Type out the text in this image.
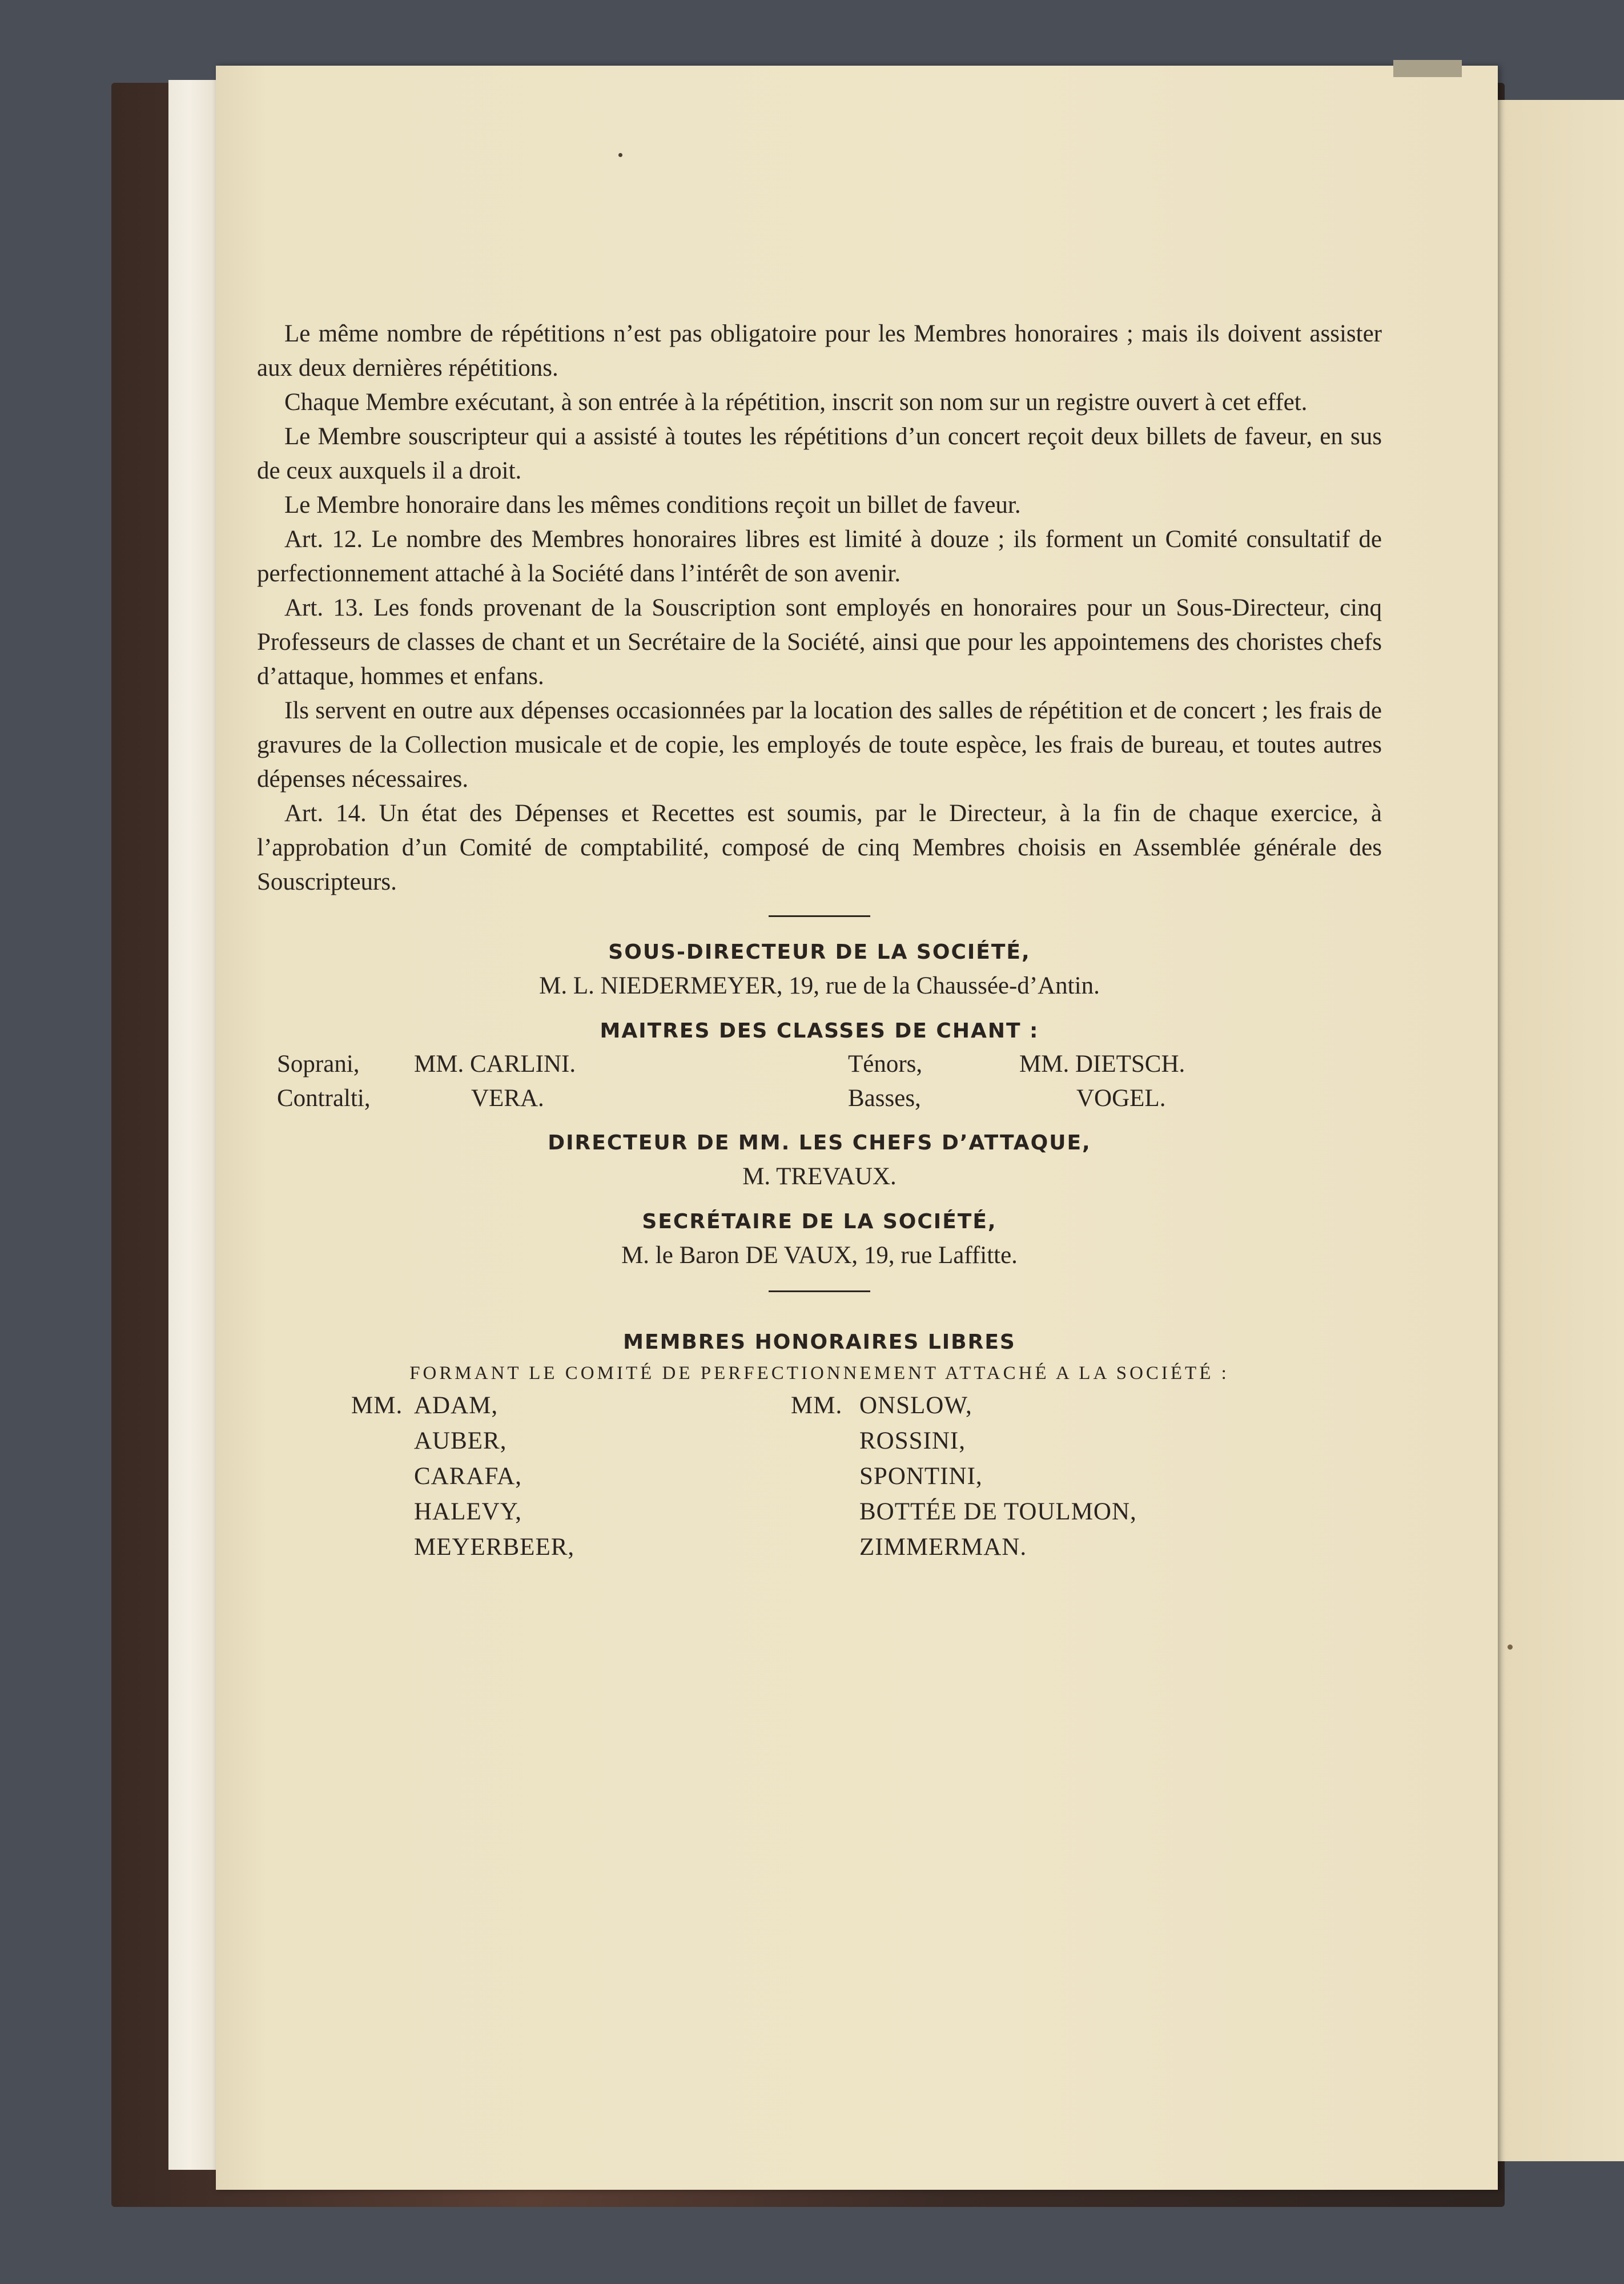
Le même nombre de répétitions n’est pas obligatoire pour les Membres honoraires ; mais ils doivent assister aux deux dernières répétitions.

Chaque Membre exécutant, à son entrée à la répétition, inscrit son nom sur un registre ouvert à cet effet.

Le Membre souscripteur qui a assisté à toutes les répétitions d’un concert reçoit deux billets de faveur, en sus de ceux auxquels il a droit.

Le Membre honoraire dans les mêmes conditions reçoit un billet de faveur.

Art. 12. Le nombre des Membres honoraires libres est limité à douze ; ils forment un Comité consultatif de perfectionnement attaché à la Société dans l’intérêt de son avenir.

Art. 13. Les fonds provenant de la Souscription sont employés en honoraires pour un Sous-Directeur, cinq Professeurs de classes de chant et un Secrétaire de la Société, ainsi que pour les appointemens des choristes chefs d’attaque, hommes et enfans.

Ils servent en outre aux dépenses occasionnées par la location des salles de répétition et de concert ; les frais de gravures de la Collection musicale et de copie, les employés de toute espèce, les frais de bureau, et toutes autres dépenses nécessaires.

Art. 14. Un état des Dépenses et Recettes est soumis, par le Directeur, à la fin de chaque exercice, à l’approbation d’un Comité de comptabilité, composé de cinq Membres choisis en Assemblée générale des Souscripteurs.

SOUS-DIRECTEUR DE LA SOCIÉTÉ,
M. L. NIEDERMEYER, 19, rue de la Chaussée-d’Antin.
MAITRES DES CLASSES DE CHANT :
Soprani,	MM. CARLINI.	Ténors,	MM. DIETSCH.
Contralti,	VERA.	Basses,	VOGEL.
DIRECTEUR DE MM. LES CHEFS D’ATTAQUE,
M. TREVAUX.
SECRÉTAIRE DE LA SOCIÉTÉ,
M. le Baron DE VAUX, 19, rue Laffitte.
MEMBRES HONORAIRES LIBRES
FORMANT LE COMITÉ DE PERFECTIONNEMENT ATTACHÉ A LA SOCIÉTÉ :
MM. ADAM,	MM. ONSLOW,
AUBER,	ROSSINI,
CARAFA,	SPONTINI,
HALEVY,	BOTTÉE DE TOULMON,
MEYERBEER,	ZIMMERMAN.
